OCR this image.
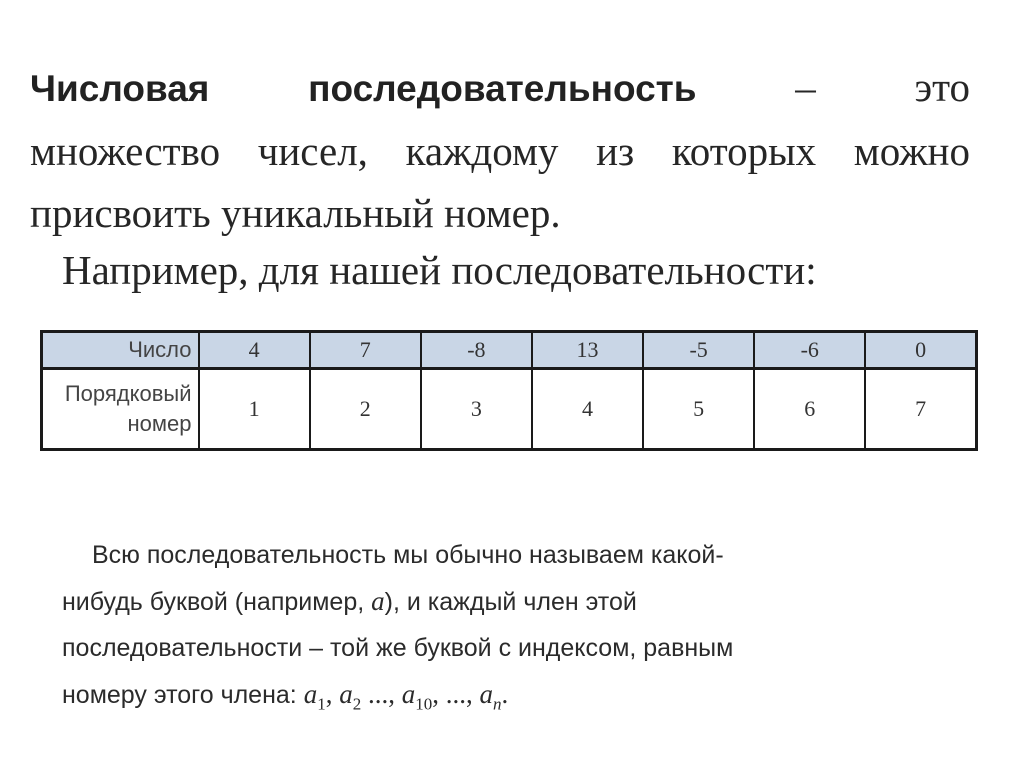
Числовая последовательность – это
множество чисел, каждому из которых можно
присвоить уникальный номер.
Например, для нашей последовательности:
Число	4	7	-8	13	-5	-6	0

Порядковый
номер	1	2	3	4	5	6	7
Всю последовательность мы обычно называем какой-
нибудь буквой (например, a), и каждый член этой
последовательности – той же буквой с индексом, равным
номеру этого члена: $a_1$, $a_2$ ..., $a_{10}$, ..., $a_n$.
